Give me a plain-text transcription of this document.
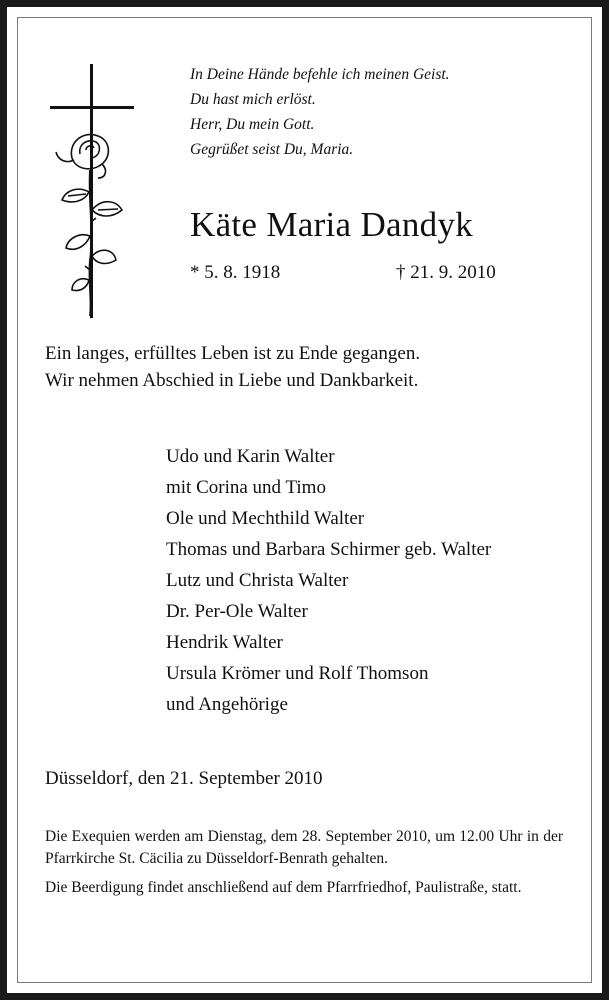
In Deine Hände befehle ich meinen Geist.
Du hast mich erlöst.
Herr, Du mein Gott.
Gegrüßet seist Du, Maria.
Käte Maria Dandyk
* 5. 8. 1918	† 21. 9. 2010
Ein langes, erfülltes Leben ist zu Ende gegangen.
Wir nehmen Abschied in Liebe und Dankbarkeit.
Udo und Karin Walter
mit Corina und Timo
Ole und Mechthild Walter
Thomas und Barbara Schirmer geb. Walter
Lutz und Christa Walter
Dr. Per-Ole Walter
Hendrik Walter
Ursula Krömer und Rolf Thomson
und Angehörige
Düsseldorf, den 21. September 2010

Die Exequien werden am Dienstag, dem 28. September 2010, um 12.00 Uhr in der Pfarrkirche St. Cäcilia zu Düsseldorf-Benrath gehalten.

Die Beerdigung findet anschließend auf dem Pfarrfriedhof, Paulistraße, statt.
